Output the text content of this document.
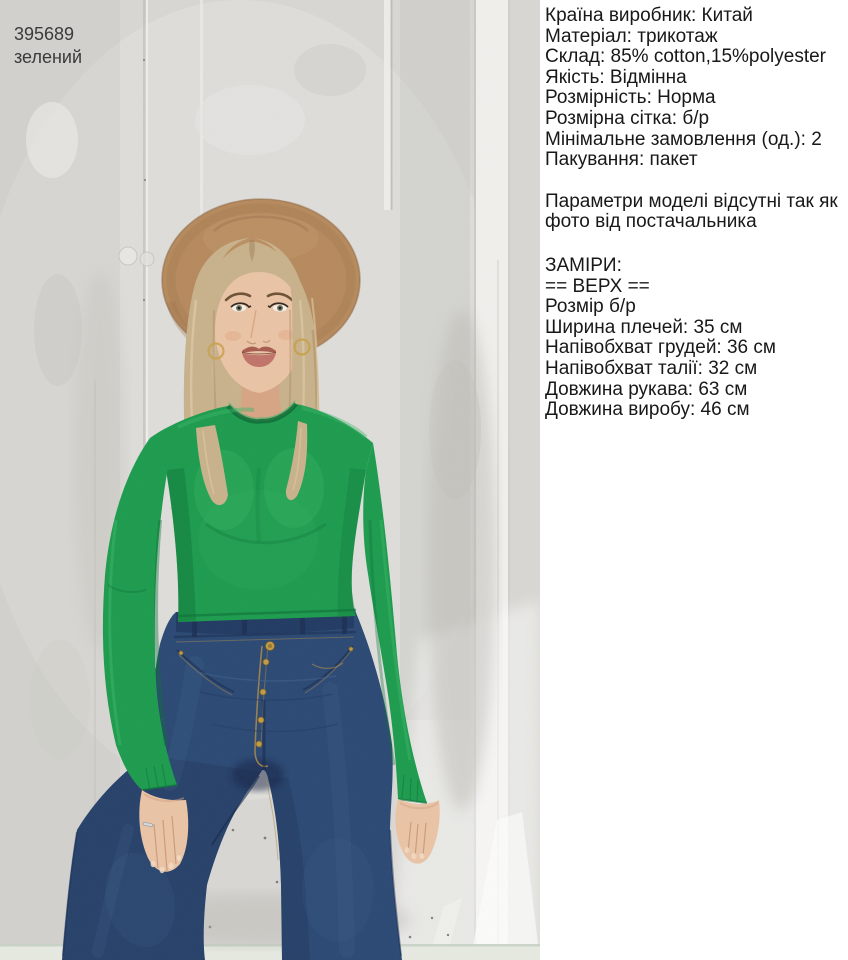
395689
зелений
Країна виробник: Китай
Матеріал: трикотаж
Склад: 85% cotton,15%polyester
Якість: Відмінна
Розмірність: Норма
Розмірна сітка: б/р
Мінімальне замовлення (од.): 2
Пакування: пакет
Параметри моделі відсутні так як
фото від постачальника
ЗАМІРИ:
== ВЕРХ ==
Розмір б/р
Ширина плечей: 35 см
Напівобхват грудей: 36 см
Напівобхват талії: 32 см
Довжина рукава: 63 см
Довжина виробу: 46 см
